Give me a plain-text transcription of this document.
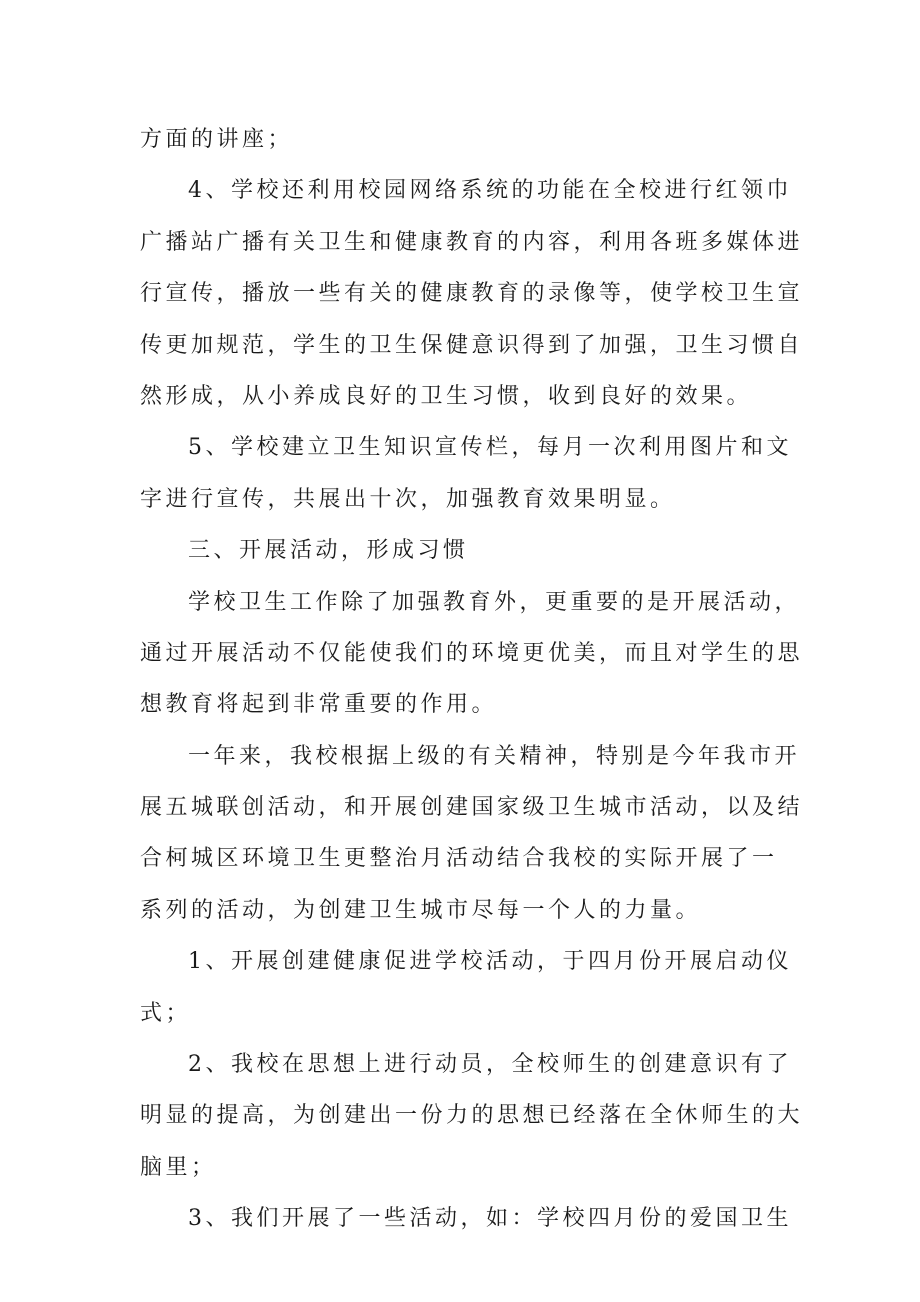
方面的讲座；
4、学校还利用校园网络系统的功能在全校进行红领巾
广播站广播有关卫生和健康教育的内容，利用各班多媒体进
行宣传，播放一些有关的健康教育的录像等，使学校卫生宣
传更加规范，学生的卫生保健意识得到了加强，卫生习惯自
然形成，从小养成良好的卫生习惯，收到良好的效果。
5、学校建立卫生知识宣传栏，每月一次利用图片和文
字进行宣传，共展出十次，加强教育效果明显。
三、开展活动，形成习惯
学校卫生工作除了加强教育外，更重要的是开展活动，
通过开展活动不仅能使我们的环境更优美，而且对学生的思
想教育将起到非常重要的作用。
一年来，我校根据上级的有关精神，特别是今年我市开
展五城联创活动，和开展创建国家级卫生城市活动，以及结
合柯城区环境卫生更整治月活动结合我校的实际开展了一
系列的活动，为创建卫生城市尽每一个人的力量。
1、开展创建健康促进学校活动，于四月份开展启动仪
式；
2、我校在思想上进行动员，全校师生的创建意识有了
明显的提高，为创建出一份力的思想已经落在全休师生的大
脑里；
3、我们开展了一些活动，如：学校四月份的爱国卫生
